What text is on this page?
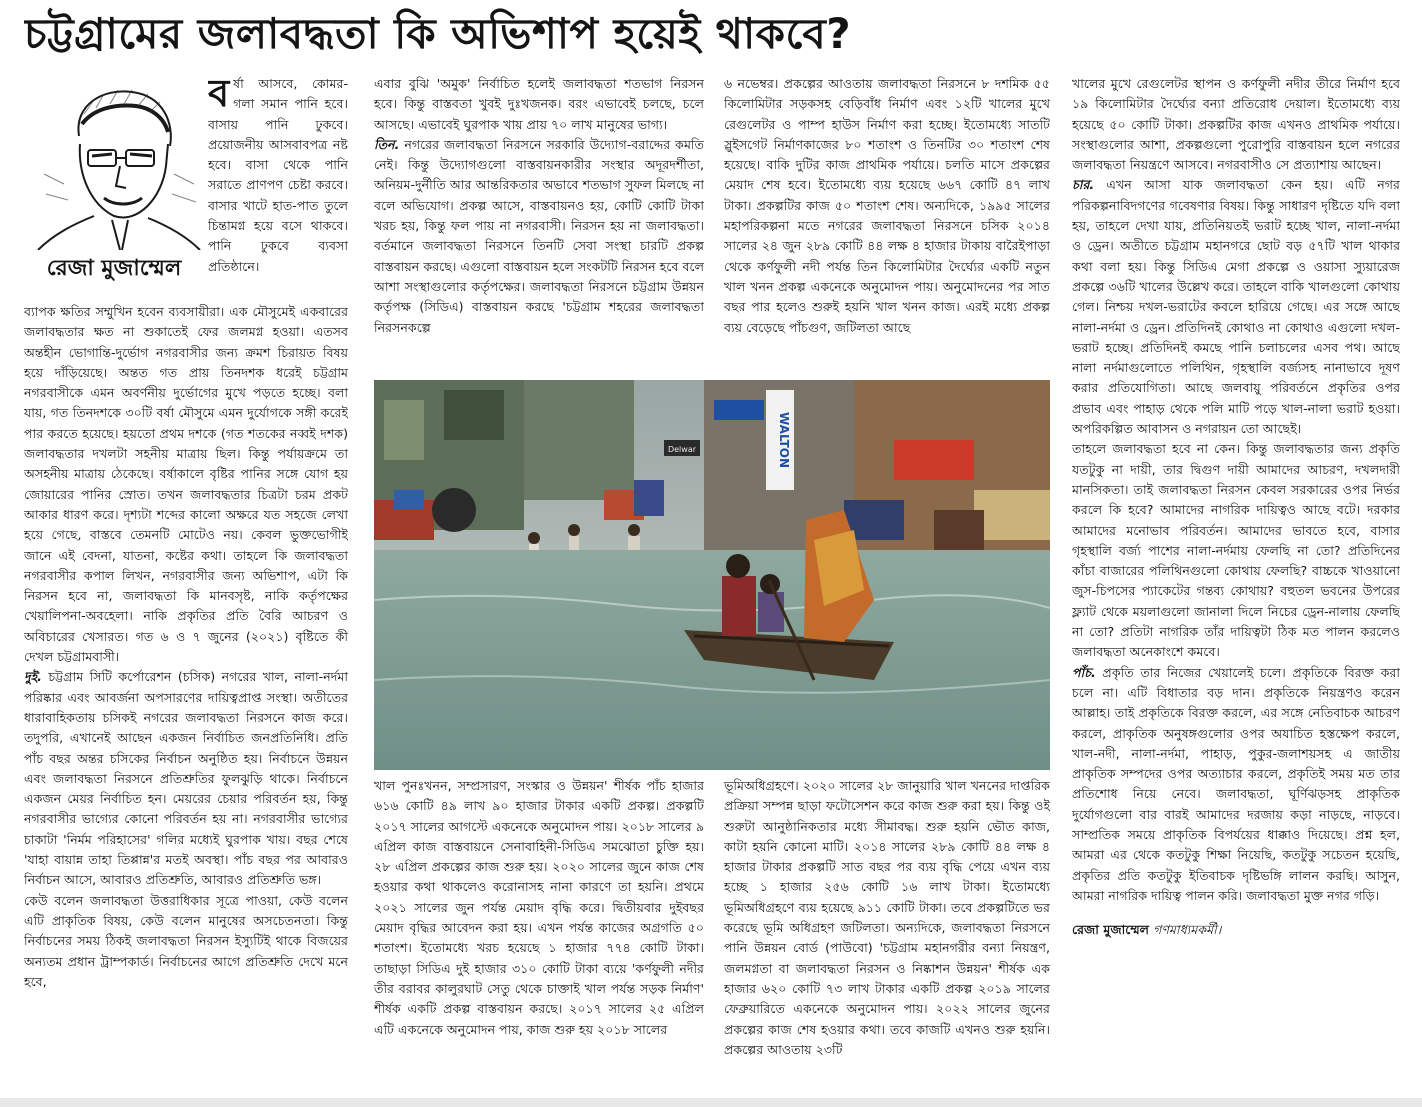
চট্টগ্রামের জলাবদ্ধতা কি অভিশাপ হয়েই থাকবে?
রেজা মুজাম্মেল

বর্ষা আসবে, কোমর-গলা সমান পানি হবে। বাসায় পানি ঢুকবে। প্রয়োজনীয় আসবাবপত্র নষ্ট হবে। বাসা থেকে পানি সরাতে প্রাণপণ চেষ্টা করবে। বাসার খাটে হাত-পাত তুলে চিন্তামগ্ন হয়ে বসে থাকবে। পানি ঢুকবে ব্যবসা প্রতিষ্ঠানে।

ব্যাপক ক্ষতির সম্মুখিন হবেন ব্যবসায়ীরা। এক মৌসুমেই একবারের জলাবদ্ধতার ক্ষত না শুকাতেই ফের জলমগ্ন হওয়া। এতসব অন্তহীন ভোগান্তি-দুর্ভোগ নগরবাসীর জন্য ক্রমশ চিরায়ত বিষয় হয়ে দাঁড়িয়েছে। অন্তত গত প্রায় তিনদশক ধরেই চট্টগ্রাম নগরবাসীকে এমন অবর্ণনীয় দুর্ভোগের মুখে পড়তে হচ্ছে। বলা যায়, গত তিনদশকে ৩০টি বর্ষা মৌসুমে এমন দুর্যোগকে সঙ্গী করেই পার করতে হয়েছে। হয়তো প্রথম দশকে (গত শতকের নব্বই দশক) জলাবদ্ধতার দখলটা সহনীয় মাত্রায় ছিল। কিন্তু পর্যায়ক্রমে তা অসহনীয় মাত্রায় ঠেকেছে। বর্ষাকালে বৃষ্টির পানির সঙ্গে যোগ হয় জোয়ারের পানির স্রোত। তখন জলাবদ্ধতার চিত্রটা চরম প্রকট আকার ধারণ করে। দৃশ্যটা শব্দের কালো অক্ষরে যত সহজে লেখা হয়ে গেছে, বাস্তবে তেমনটি মোটেও নয়। কেবল ভুক্তভোগীই জানে এই বেদনা, যাতনা, কষ্টের কথা। তাহলে কি জলাবদ্ধতা নগরবাসীর কপাল লিখন, নগরবাসীর জন্য অভিশাপ, এটা কি নিরসন হবে না, জলাবদ্ধতা কি মানবসৃষ্ট, নাকি কর্তৃপক্ষের খেয়ালিপনা-অবহেলা। নাকি প্রকৃতির প্রতি বৈরি আচরণ ও অবিচারের খেসারত। গত ৬ ও ৭ জুনের (২০২১) বৃষ্টিতে কী দেখল চট্টগ্রামবাসী।

দুই. চট্টগ্রাম সিটি কর্পোরেশন (চসিক) নগরের খাল, নালা-নর্দমা পরিষ্কার এবং আবর্জনা অপসারণের দায়িত্বপ্রাপ্ত সংস্থা। অতীতের ধারাবাহিকতায় চসিকই নগরের জলাবদ্ধতা নিরসনে কাজ করে। তদুপরি, এখানেই আছেন একজন নির্বাচিত জনপ্রতিনিধি। প্রতি পাঁচ বছর অন্তর চসিকের নির্বাচন অনুষ্ঠিত হয়। নির্বাচনে উন্নয়ন এবং জলাবদ্ধতা নিরসনে প্রতিশ্রুতির ফুলঝুড়ি থাকে। নির্বাচনে একজন মেয়র নির্বাচিত হন। মেয়রের চেয়ার পরিবর্তন হয়, কিন্তু নগরবাসীর ভাগ্যের কোনো পরিবর্তন হয় না। নগরবাসীর ভাগ্যের চাকাটা 'নির্মম পরিহাসের' গলির মধ্যেই ঘুরপাক খায়। বছর শেষে 'যাহা বায়ান্ন তাহা তিপ্পান্ন'র মতই অবস্থা। পাঁচ বছর পর আবারও নির্বাচন আসে, আবারও প্রতিশ্রুতি, আবারও প্রতিশ্রুতি ভঙ্গ।

কেউ বলেন জলাবদ্ধতা উত্তরাধিকার সূত্রে পাওয়া, কেউ বলেন এটি প্রাকৃতিক বিষয়, কেউ বলেন মানুষের অসচেতনতা। কিন্তু নির্বাচনের সময় ঠিকই জলাবদ্ধতা নিরসন ইস্যুটিই থাকে বিজয়ের অন্যতম প্রধান ট্রাম্পকার্ড। নির্বাচনের আগে প্রতিশ্রুতি দেখে মনে হবে,

এবার বুঝি 'অমুক' নির্বাচিত হলেই জলাবদ্ধতা শতভাগ নিরসন হবে। কিন্তু বাস্তবতা খুবই দুঃখজনক। বরং এভাবেই চলছে, চলে আসছে। এভাবেই ঘুরপাক খায় প্রায় ৭০ লাখ মানুষের ভাগ্য।

তিন. নগরের জলাবদ্ধতা নিরসনে সরকারি উদ্যোগ-বরাদ্দের কমতি নেই। কিন্তু উদ্যোগগুলো বাস্তবায়নকারীর সংস্থার অদূরদর্শীতা, অনিয়ম-দুর্নীতি আর আন্তরিকতার অভাবে শতভাগ সুফল মিলছে না বলে অভিযোগ। প্রকল্প আসে, বাস্তবায়নও হয়, কোটি কোটি টাকা খরচ হয়, কিন্তু ফল পায় না নগরবাসী। নিরসন হয় না জলাবদ্ধতা। বর্তমানে জলাবদ্ধতা নিরসনে তিনটি সেবা সংস্থা চারটি প্রকল্প বাস্তবায়ন করছে। এগুলো বাস্তবায়ন হলে সংকটটি নিরসন হবে বলে আশা সংস্থাগুলোর কর্তৃপক্ষের। জলাবদ্ধতা নিরসনে চট্টগ্রাম উন্নয়ন কর্তৃপক্ষ (সিডিএ) বাস্তবায়ন করছে 'চট্টগ্রাম শহরের জলাবদ্ধতা নিরসনকল্পে

৬ নভেম্বর। প্রকল্পের আওতায় জলাবদ্ধতা নিরসনে ৮ দশমিক ৫৫ কিলোমিটার সড়কসহ বেড়িবাঁধ নির্মাণ এবং ১২টি খালের মুখে রেগুলেটর ও পাম্প হাউস নির্মাণ করা হচ্ছে। ইতোমধ্যে সাতটি স্লুইসগেট নির্মাণকাজের ৮০ শতাংশ ও তিনটির ৩০ শতাংশ শেষ হয়েছে। বাকি দুটির কাজ প্রাথমিক পর্যায়ে। চলতি মাসে প্রকল্পের মেয়াদ শেষ হবে। ইতোমধ্যে ব্যয় হয়েছে ৬৬৭ কোটি ৪৭ লাখ টাকা। প্রকল্পটির কাজ ৫০ শতাংশ শেষ। অন্যদিকে, ১৯৯৫ সালের মহাপরিকল্পনা মতে নগরের জলাবদ্ধতা নিরসনে চসিক ২০১৪ সালের ২৪ জুন ২৮৯ কোটি ৪৪ লক্ষ ৪ হাজার টাকায় বারৈইপাড়া থেকে কর্ণফুলী নদী পর্যন্ত তিন কিলোমিটার দৈর্ঘ্যের একটি নতুন খাল খনন প্রকল্প একনেকে অনুমোদন পায়। অনুমোদনের পর সাত বছর পার হলেও শুরুই হয়নি খাল খনন কাজ। এরই মধ্যে প্রকল্প ব্যয় বেড়েছে পাঁচগুণ, জটিলতা আছে

WALTON
Delwar

খাল পুনঃখনন, সম্প্রসারণ, সংস্কার ও উন্নয়ন' শীর্ষক পাঁচ হাজার ৬১৬ কোটি ৪৯ লাখ ৯০ হাজার টাকার একটি প্রকল্প। প্রকল্পটি ২০১৭ সালের আগস্টে একনেকে অনুমোদন পায়। ২০১৮ সালের ৯ এপ্রিল কাজ বাস্তবায়নে সেনাবাহিনী-সিডিএ সমঝোতা চুক্তি হয়। ২৮ এপ্রিল প্রকল্পের কাজ শুরু হয়। ২০২০ সালের জুনে কাজ শেষ হওয়ার কথা থাকলেও করোনাসহ নানা কারণে তা হয়নি। প্রথমে ২০২১ সালের জুন পর্যন্ত মেয়াদ বৃদ্ধি করে। দ্বিতীয়বার দুইবছর মেয়াদ বৃদ্ধির আবেদন করা হয়। এখন পর্যন্ত কাজের অগ্রগতি ৫০ শতাংশ। ইতোমধ্যে খরচ হয়েছে ১ হাজার ৭৭৪ কোটি টাকা। তাছাড়া সিডিএ দুই হাজার ৩১০ কোটি টাকা ব্যয়ে 'কর্ণফুলী নদীর তীর বরাবর কালুরঘাট সেতু থেকে চাক্তাই খাল পর্যন্ত সড়ক নির্মাণ' শীর্ষক একটি প্রকল্প বাস্তবায়ন করছে। ২০১৭ সালের ২৫ এপ্রিল এটি একনেকে অনুমোদন পায়, কাজ শুরু হয় ২০১৮ সালের

ভূমিঅধিগ্রহণে। ২০২০ সালের ২৮ জানুয়ারি খাল খননের দাপ্তরিক প্রক্রিয়া সম্পন্ন ছাড়া ফটোসেশন করে কাজ শুরু করা হয়। কিন্তু ওই শুরুটা আনুষ্ঠানিকতার মধ্যে সীমাবদ্ধ। শুরু হয়নি ভৌত কাজ, কাটা হয়নি কোনো মাটি। ২০১৪ সালের ২৮৯ কোটি ৪৪ লক্ষ ৪ হাজার টাকার প্রকল্পটি সাত বছর পর ব্যয় বৃদ্ধি পেয়ে এখন ব্যয় হচ্ছে ১ হাজার ২৫৬ কোটি ১৬ লাখ টাকা। ইতোমধ্যে ভূমিঅধিগ্রহণে ব্যয় হয়েছে ৯১১ কোটি টাকা। তবে প্রকল্পটিতে ভর করেছে ভূমি অধিগ্রহণ জটিলতা। অন্যদিকে, জলাবদ্ধতা নিরসনে পানি উন্নয়ন বোর্ড (পাউবো) 'চট্টগ্রাম মহানগরীর বন্যা নিয়ন্ত্রণ, জলমগ্নতা বা জলাবদ্ধতা নিরসন ও নিষ্কাশন উন্নয়ন' শীর্ষক এক হাজার ৬২০ কোটি ৭৩ লাখ টাকার একটি প্রকল্প ২০১৯ সালের ফেব্রুয়ারিতে একনেকে অনুমোদন পায়। ২০২২ সালের জুনের প্রকল্পের কাজ শেষ হওয়ার কথা। তবে কাজটি এখনও শুরু হয়নি। প্রকল্পের আওতায় ২৩টি

খালের মুখে রেগুলেটর স্থাপন ও কর্ণফুলী নদীর তীরে নির্মাণ হবে ১৯ কিলোমিটার দৈর্ঘ্যের বন্যা প্রতিরোধ দেয়াল। ইতোমধ্যে ব্যয় হয়েছে ৫০ কোটি টাকা। প্রকল্পটির কাজ এখনও প্রাথমিক পর্যায়ে। সংস্থাগুলোর আশা, প্রকল্পগুলো পুরোপুরি বাস্তবায়ন হলে নগরের জলাবদ্ধতা নিয়ন্ত্রণে আসবে। নগরবাসীও সে প্রত্যাশায় আছেন।

চার. এখন আসা যাক জলাবদ্ধতা কেন হয়। এটি নগর পরিকল্পনাবিদগণের গবেষণার বিষয়। কিন্তু সাধারণ দৃষ্টিতে যদি বলা হয়, তাহলে দেখা যায়, প্রতিনিয়তই ভরাট হচ্ছে খাল, নালা-নর্দমা ও ড্রেন। অতীতে চট্টগ্রাম মহানগরে ছোট বড় ৫৭টি খাল থাকার কথা বলা হয়। কিন্তু সিডিএ মেগা প্রকল্পে ও ওয়াসা স্যুয়ারেজ প্রকল্পে ৩৬টি খালের উল্লেখ করে। তাহলে বাকি খালগুলো কোথায় গেল। নিশ্চয় দখল-ভরাটের কবলে হারিয়ে গেছে। এর সঙ্গে আছে নালা-নর্দমা ও ড্রেন। প্রতিদিনই কোথাও না কোথাও এগুলো দখল-ভরাট হচ্ছে। প্রতিদিনই কমছে পানি চলাচলের এসব পথ। আছে নালা নর্দমাগুলোতে পলিথিন, গৃহস্থালি বর্জ্যসহ নানাভাবে দূষণ করার প্রতিযোগিতা। আছে জলবায়ু পরিবর্তনে প্রকৃতির ওপর প্রভাব এবং পাহাড় থেকে পলি মাটি পড়ে খাল-নালা ভরাট হওয়া। অপরিকল্পিত আবাসন ও নগরায়ন তো আছেই।

তাহলে জলাবদ্ধতা হবে না কেন। কিন্তু জলাবদ্ধতার জন্য প্রকৃতি যতটুকু না দায়ী, তার দ্বিগুণ দায়ী আমাদের আচরণ, দখলদারী মানসিকতা। তাই জলাবদ্ধতা নিরসন কেবল সরকারের ওপর নির্ভর করলে কি হবে? আমাদের নাগরিক দায়িত্বও আছে বটে। দরকার আমাদের মনোভাব পরিবর্তন। আমাদের ভাবতে হবে, বাসার গৃহস্থালি বর্জ্য পাশের নালা-নর্দমায় ফেলছি না তো? প্রতিদিনের কাঁচা বাজারের পলিথিনগুলো কোথায় ফেলছি? বাচ্চকে খাওয়ানো জুস-চিপসের প্যাকেটের গন্তব্য কোথায়? বহুতল ভবনের উপরের ফ্ল্যাট থেকে ময়লাগুলো জানালা দিলে নিচের ড্রেন-নালায় ফেলছি না তো? প্রতিটা নাগরিক তাঁর দায়িত্বটা ঠিক মত পালন করলেও জলাবদ্ধতা অনেকাংশে কমবে।

পাঁচ. প্রকৃতি তার নিজের খেয়ালেই চলে। প্রকৃতিকে বিরক্ত করা চলে না। এটি বিধাতার বড় দান। প্রকৃতিকে নিয়ন্ত্রণও করেন আল্লাহ। তাই প্রকৃতিকে বিরক্ত করলে, এর সঙ্গে নেতিবাচক আচরণ করলে, প্রাকৃতিক অনুষঙ্গগুলোর ওপর অযাচিত হস্তক্ষেপ করলে, খাল-নদী, নালা-নর্দমা, পাহাড়, পুকুর-জলাশয়সহ এ জাতীয় প্রাকৃতিক সম্পদের ওপর অত্যাচার করলে, প্রকৃতিই সময় মত তার প্রতিশোধ নিয়ে নেবে। জলাবদ্ধতা, ঘূর্ণিঝড়সহ প্রাকৃতিক দুর্যোগগুলো বার বারই আমাদের দরজায় কড়া নাড়ছে, নাড়বে। সাম্প্রতিক সময়ে প্রাকৃতিক বিপর্যয়ের ধাক্কাও দিয়েছে। প্রশ্ন হল, আমরা এর থেকে কতটুকু শিক্ষা নিয়েছি, কতটুকু সচেতন হয়েছি, প্রকৃতির প্রতি কতটুকু ইতিবাচক দৃষ্টিভঙ্গি লালন করছি। আসুন, আমরা নাগরিক দায়িত্ব পালন করি। জলাবদ্ধতা মুক্ত নগর গড়ি।

রেজা মুজাম্মেল গণমাধ্যমকর্মী।
